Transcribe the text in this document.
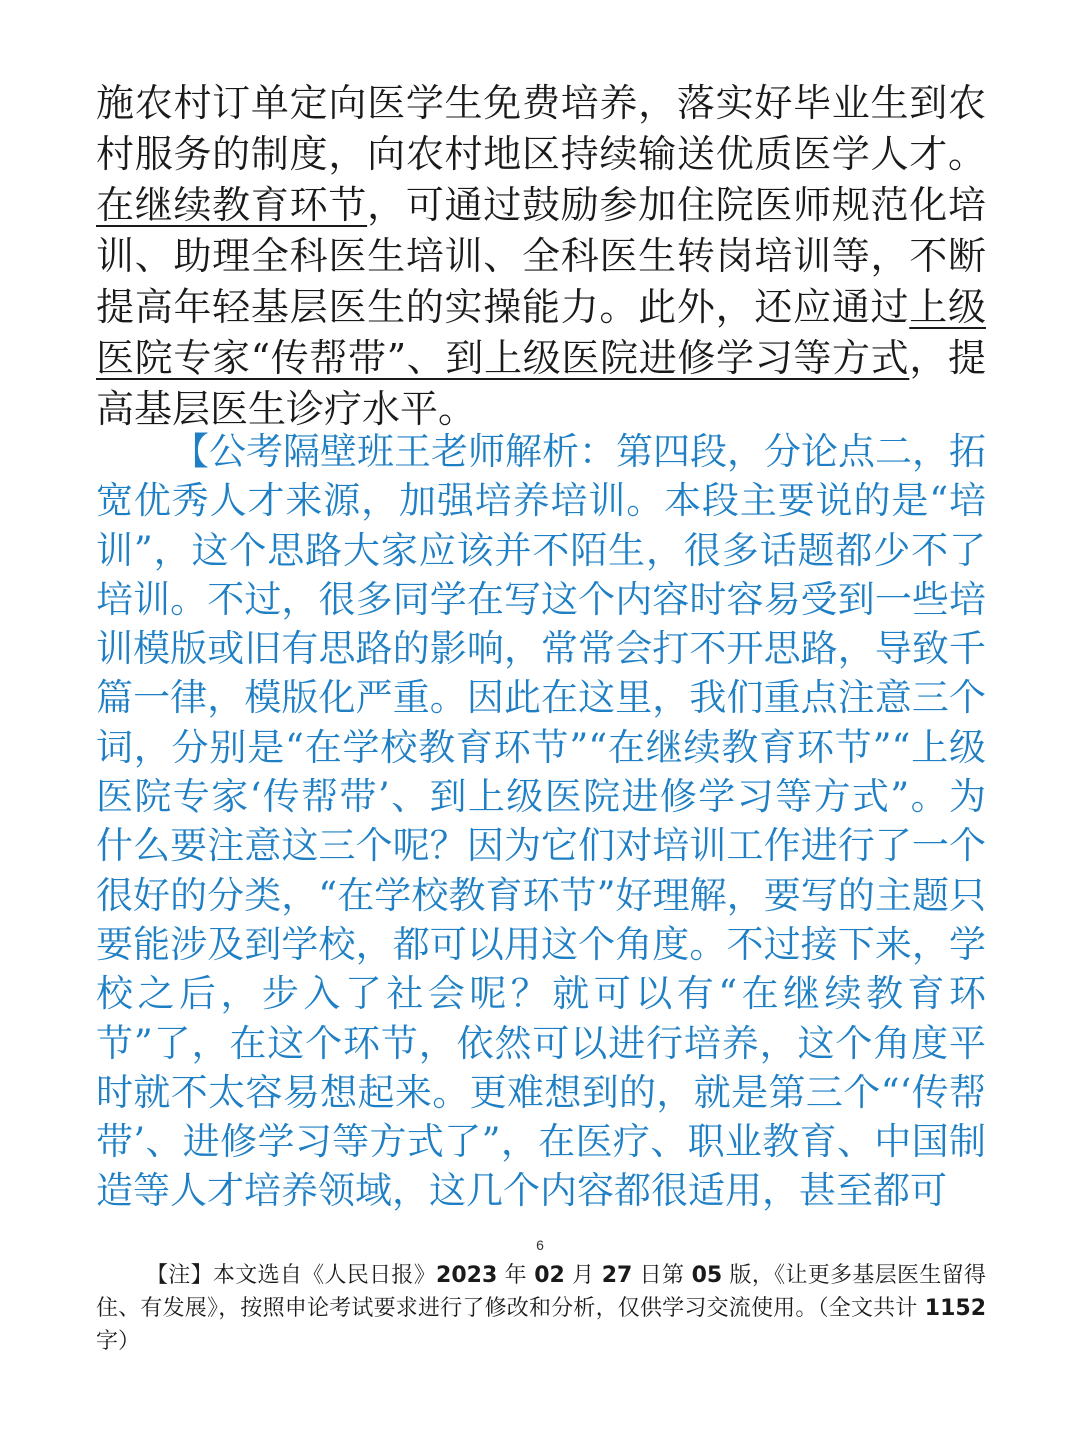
施农村订单定向医学生免费培养，落实好毕业生到农村服务的制度，向农村地区持续输送优质医学人才。在继续教育环节，可通过鼓励参加住院医师规范化培训、助理全科医生培训、全科医生转岗培训等，不断提高年轻基层医生的实操能力。此外，还应通过上级医院专家“传帮带”、到上级医院进修学习等方式，提高基层医生诊疗水平。

【公考隔壁班王老师解析：第四段，分论点二，拓宽优秀人才来源，加强培养培训。本段主要说的是“培训”，这个思路大家应该并不陌生，很多话题都少不了培训。不过，很多同学在写这个内容时容易受到一些培训模版或旧有思路的影响，常常会打不开思路，导致千篇一律，模版化严重。因此在这里，我们重点注意三个词，分别是“在学校教育环节”“在继续教育环节”“上级医院专家‘传帮带’、到上级医院进修学习等方式”。为什么要注意这三个呢？因为它们对培训工作进行了一个很好的分类，“在学校教育环节”好理解，要写的主题只要能涉及到学校，都可以用这个角度。不过接下来，学校之后，步入了社会呢？就可以有“在继续教育环节”了，在这个环节，依然可以进行培养，这个角度平时就不太容易想起来。更难想到的，就是第三个“‘传帮带’、进修学习等方式了”，在医疗、职业教育、中国制造等人才培养领域，这几个内容都很适用，甚至都可

6

【注】本文选自《人民日报》2023 年 02 月 27 日第 05 版，《让更多基层医生留得住、有发展》，按照申论考试要求进行了修改和分析，仅供学习交流使用。（全文共计 1152 字）
